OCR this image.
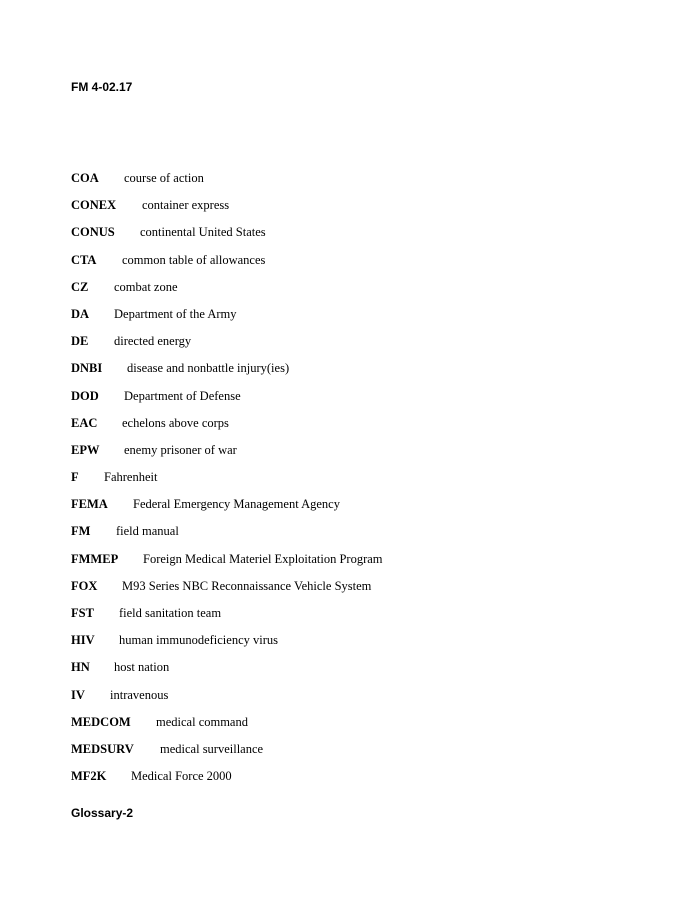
FM 4-02.17
COA course of action
CONEX container express
CONUS continental United States
CTA common table of allowances
CZ combat zone
DA Department of the Army
DE directed energy
DNBI disease and nonbattle injury(ies)
DOD Department of Defense
EAC echelons above corps
EPW enemy prisoner of war
F Fahrenheit
FEMA Federal Emergency Management Agency
FM field manual
FMMEP Foreign Medical Materiel Exploitation Program
FOX M93 Series NBC Reconnaissance Vehicle System
FST field sanitation team
HIV human immunodeficiency virus
HN host nation
IV intravenous
MEDCOM medical command
MEDSURV medical surveillance
MF2K Medical Force 2000
Glossary-2
